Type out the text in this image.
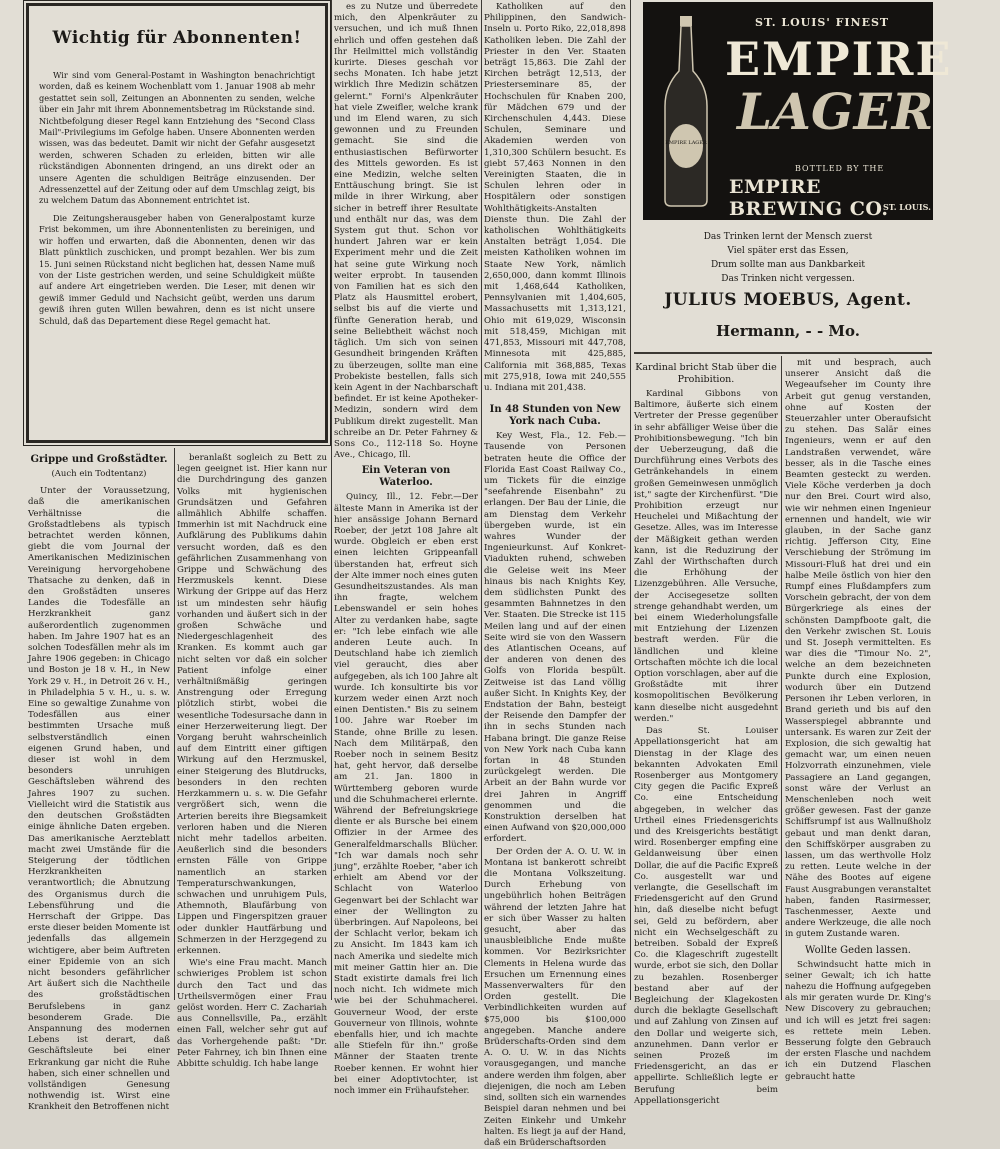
Wichtig für Abonnenten!

Wir sind vom General-Postamt in Washington benachrichtigt worden, daß es keinem Wochenblatt vom 1. Januar 1908 ab mehr gestattet sein soll, Zeitungen an Abonnenten zu senden, welche über ein Jahr mit ihrem Abonnementsbetrag im Rückstande sind. Nichtbefolgung dieser Regel kann Entziehung des "Second Class Mail"-Privilegiums im Gefolge haben. Unsere Abonnenten werden wissen, was das bedeutet. Damit wir nicht der Gefahr ausgesetzt werden, schweren Schaden zu erleiden, bitten wir alle rückständigen Abonnenten dringend, an uns direkt oder an unsere Agenten die schuldigen Beiträge einzusenden. Der Adressenzettel auf der Zeitung oder auf dem Umschlag zeigt, bis zu welchem Datum das Abonnement entrichtet ist.

Die Zeitungsherausgeber haben von Generalpostamt kurze Frist bekommen, um ihre Abonnentenlisten zu bereinigen, und wir hoffen und erwarten, daß die Abonnenten, denen wir das Blatt pünktlich zuschicken, und prompt bezahlen. Wer bis zum 15. Juni seinen Rückstand nicht beglichen hat, dessen Name muß von der Liste gestrichen werden, und seine Schuldigkeit müßte auf andere Art eingetrieben werden. Die Leser, mit denen wir gewiß immer Geduld und Nachsicht geübt, werden uns darum gewiß ihren guten Willen bewahren, denn es ist nicht unsere Schuld, daß das Departement diese Regel gemacht hat.

Grippe und Großstädter.
(Auch ein Todtentanz)

Unter der Voraussetzung, daß die amerikanischen Verhältnisse die Großstadtlebens als typisch betrachtet werden können, giebt die vom Journal der Amerikanischen Medizinischen Vereinigung hervorgehobene Thatsache zu denken, daß in den Großstädten unseres Landes die Todesfälle an Herzkrankheit ganz außerordentlich zugenommen haben. Im Jahre 1907 hat es an solchen Todesfällen mehr als im Jahre 1906 gegeben: in Chicago und Boston je 18 v. H., in New York 29 v. H., in Detroit 26 v. H., in Philadelphia 5 v. H., u. s. w. Eine so gewaltige Zunahme von Todesfällen aus einer bestimmten Ursache muß selbstverständlich einen eigenen Grund haben, und dieser ist wohl in dem besonders unruhigen Geschäftsleben während des Jahres 1907 zu suchen. Vielleicht wird die Statistik aus den deutschen Großstädten einige ähnliche Daten ergeben. Das amerikanische Aerzteblatt macht zwei Umstände für die Steigerung der tödtlichen Herzkrankheiten verantwortlich; die Abnutzung des Organismus durch die Lebensführung und die Herrschaft der Grippe. Das erste dieser beiden Momente ist jedenfalls das allgemein wichtigere, aber beim Auftreten einer Epidemie von an sich nicht besonders gefährlicher Art äußert sich die Nachtheile des großstädtischen Berufslebens in ganz besonderem Grade. Die Anspannung des modernen Lebens ist derart, daß Geschäftsleute bei einer Erkrankung gar nicht die Ruhe haben, sich einer schnellen und vollständigen Genesung nothwendig ist. Wirst eine Krankheit den Betroffenen nicht

beranlaßt sogleich zu Bett zu legen geeignet ist. Hier kann nur die Durchdringung des ganzen Volks mit hygienischen Grundsätzen und Gefahren allmählich Abhilfe schaffen. Immerhin ist mit Nachdruck eine Aufklärung des Publikums dahin versucht worden, daß es den gefährlichen Zusammenhang von Grippe und Schwächung des Herzmuskels kennt. Diese Wirkung der Grippe auf das Herz ist um mindesten sehr häufig vorhanden und äußert sich in der großen Schwäche und Niedergeschlagenheit des Kranken. Es kommt auch gar nicht selten vor daß ein solcher Patient infolge einer verhältnißmäßig geringen Anstrengung oder Erregung plötzlich stirbt, wobei die wesentliche Todesursache dann in einer Herzerweiterung liegt. Der Vorgang beruht wahrscheinlich auf dem Eintritt einer giftigen Wirkung auf den Herzmuskel, einer Steigerung des Blutdrucks, besonders in den rechten Herzkammern u. s. w. Die Gefahr vergrößert sich, wenn die Arterien bereits ihre Biegsamkeit verloren haben und die Nieren nicht mehr tadellos arbeiten. Aeußerlich sind die besonders ernsten Fälle von Grippe namentlich an starken Temperaturschwankungen, schwachen und unruhigem Puls, Athemnoth, Blaufärbung von Lippen und Fingerspitzen grauer oder dunkler Hautfärbung und Schmerzen in der Herzgegend zu erkennen.

Wie's eine Frau macht. Manch schwieriges Problem ist schon durch den Tact und das Urtheilsvermögen einer Frau gelöst worden. Herr C. Zachariah aus Connellsville, Pa., erzählt einen Fall, welcher sehr gut auf das Vorhergehende paßt: "Dr. Peter Fahrney, ich bin Ihnen eine Abbitte schuldig. Ich habe lange

es zu Nutze und überredete mich, den Alpenkräuter zu versuchen, und ich muß Ihnen ehrlich und offen gestehen daß Ihr Heilmittel mich vollständig kurirte. Dieses geschah vor sechs Monaten. Ich habe jetzt wirklich Ihre Medizin schätzen gelernt." Forni's Alpenkräuter hat viele Zweifler, welche krank und im Elend waren, zu sich gewonnen und zu Freunden gemacht. Sie sind die enthusiastischen Befürworter des Mittels geworden. Es ist eine Medizin, welche selten Enttäuschung bringt. Sie ist milde in ihrer Wirkung, aber sicher in betreff ihrer Resultate und enthält nur das, was dem System gut thut. Schon vor hundert Jahren war er kein Experiment mehr und die Zeit hat seine gute Wirkung noch weiter erprobt. In tausenden von Familien hat es sich den Platz als Hausmittel erobert, selbst bis auf die vierte und fünfte Generation herab, und seine Beliebtheit wächst noch täglich. Um sich von seinen Gesundheit bringenden Kräften zu überzeugen, sollte man eine Probekiste bestellen, falls sich kein Agent in der Nachbarschaft befindet. Er ist keine Apotheker-Medizin, sondern wird dem Publikum direkt zugestellt. Man schreibe an Dr. Peter Fahrney & Sons Co., 112-118 So. Hoyne Ave., Chicago, Ill.

Ein Veteran von Waterloo.

Quincy, Ill., 12. Febr.—Der älteste Mann in Amerika ist der hier ansässige Johann Bernard Roeber, der jetzt 108 Jahre alt wurde. Obgleich er eben erst einen leichten Grippeanfall überstanden hat, erfreut sich der Alte immer noch eines guten Gesundheitszustandes. Als man ihn fragte, welchem Lebenswandel er sein hohes Alter zu verdanken habe, sagte er: "Ich lebe einfach wie alle anderen Leute auch. In Deutschland habe ich ziemlich viel geraucht, dies aber aufgegeben, als ich 100 Jahre alt wurde. Ich konsultirte bis vor kurzem weder einen Arzt noch einen Dentisten." Bis zu seinem 100. Jahre war Roeber im Stande, ohne Brille zu lesen. Nach dem Militärpaß, den Roeber noch in seinem Besitz hat, geht hervor, daß derselbe am 21. Jan. 1800 in Württemberg geboren wurde und die Schuhmacherei erlernte. Während der Befreiungskriege diente er als Bursche bei einem Offizier in der Armee des Generalfeldmarschalls Blücher. "Ich war damals noch sehr jung", erzählte Roeber, "aber ich erhielt am Abend vor der Schlacht von Waterloo Gegenwart bei der Schlacht war einer der Wellington zu überbringen. Auf Napoleons, bei der Schlacht verlor, bekam ich zu Ansicht. Im 1843 kam ich nach Amerika und siedelte mich mit meiner Gattin hier an. Die Stadt existirte damals frei lich noch nicht. Ich widmete mich wie bei der Schuhmacherei. Gouverneur Wood, der erste Gouverneur von Illinois, wohnte ebenfalls hier, und ich machte alle Stiefeln für ihn." große Männer der Staaten trente Roeber kennen. Er wohnt hier bei einer Adoptivtochter, ist noch immer ein Frühaufsteher.

Katholiken auf den Philippinen, den Sandwich-Inseln u. Porto Riko, 22,018,898 Katholiken leben. Die Zahl der Priester in den Ver. Staaten beträgt 15,863. Die Zahl der Kirchen beträgt 12,513, der Priesterseminare 85, der Hochschulen für Knaben 200, für Mädchen 679 und der Kirchenschulen 4,443. Diese Schulen, Seminare und Akademien werden von 1,310,300 Schülern besucht. Es giebt 57,463 Nonnen in den Vereinigten Staaten, die in Schulen lehren oder in Hospitälern oder sonstigen Wohlthätigkeits-Anstalten Dienste thun. Die Zahl der katholischen Wohlthätigkeits Anstalten beträgt 1,054. Die meisten Katholiken wohnen im Staate New York, nämlich 2,650,000, dann kommt Illinois mit 1,468,644 Katholiken, Pennsylvanien mit 1,404,605, Massachusetts mit 1,313,121, Ohio mit 619,029, Wisconsin mit 518,459, Michigan mit 471,853, Missouri mit 447,708, Minnesota mit 425,885, California mit 368,885, Texas mit 275,918, Iowa mit 240,555 u. Indiana mit 201,438.

In 48 Stunden von New York nach Cuba.

Key West, Fla., 12. Feb.—Tausende von Personen betraten heute die Office der Florida East Coast Railway Co., um Tickets für die einzige "seefahrende Eisenbahn" zu erlangen. Der Bau der Linie, die am Dienstag dem Verkehr übergeben wurde, ist ein wahres Wunder der Ingenieurkunst. Auf Konkret-Viadukten ruhend, schweben die Geleise weit ins Meer hinaus bis nach Knights Key, dem südlichsten Punkt des gesammten Bahnnetzes in den Ver. Staaten. Die Strecke ist 115 Meilen lang und auf der einen Seite wird sie von den Wassern des Atlantischen Oceans, auf der anderen von denen des Golfs von Florida bespült. Zeitweise ist das Land völlig außer Sicht. In Knights Key, der Endstation der Bahn, besteigt der Reisende den Dampfer der ihn in sechs Stunden nach Habana bringt. Die ganze Reise von New York nach Cuba kann fortan in 48 Stunden zurückgelegt werden. Die Arbeit an der Bahn wurde vor drei Jahren in Angriff genommen und die Konstruktion derselben hat einen Aufwand von $20,000,000 erfordert.

Der Orden der A. O. U. W. in Montana ist bankerott schreibt die Montana Volkszeitung. Durch Erhebung von ungebührlich hohen Beiträgen während der letzten Jahre hat er sich über Wasser zu halten gesucht, aber das unausbleibliche Ende mußte kommen. Vor Bezirksrichter Clements in Helena wurde das Ersuchen um Ernennung eines Massenverwalters für den Orden gestellt. Die Verbindlichkeiten wurden auf $75,000 bis $100,000 angegeben. Manche andere Brüderschafts-Orden sind dem A. O. U. W. in das Nichts vorausgegangen, und manche andere werden ihm folgen, aber diejenigen, die noch am Leben sind, sollten sich ein warnendes Beispiel daran nehmen und bei Zeiten Einkehr und Umkehr halten. Es liegt ja auf der Hand, daß ein Brüderschaftsorden

EMPIRE LAGER
ST. LOUIS' FINEST
EMPIRE
LAGER
BOTTLED BY THE
EMPIRE BREWING CO.
ST. LOUIS.
Das Trinken lernt der Mensch zuerst
Viel später erst das Essen,
Drum sollte man aus Dankbarkeit
Das Trinken nicht vergessen.
JULIUS MOEBUS, Agent.
Hermann, - - Mo.
Kardinal bricht Stab über die Prohibition.

Kardinal Gibbons von Baltimore, äußerte sich einem Vertreter der Presse gegenüber in sehr abfälliger Weise über die Prohibitionsbewegung. "Ich bin der Ueberzeugung, daß die Durchführung eines Verbots des Getränkehandels in einem großen Gemeinwesen unmöglich ist," sagte der Kirchenfürst. "Die Prohibition erzeugt nur Heuchelei und Mißachtung der Gesetze. Alles, was im Interesse der Mäßigkeit gethan werden kann, ist die Reduzirung der Zahl der Wirthschaften durch die Erhöhung der Lizenzgebühren. Alle Versuche, der Accisegesetze sollten strenge gehandhabt werden, um bei einem Wiederholungsfalle mit Entziehung der Lizenzen bestraft werden. Für die ländlichen und kleine Ortschaften möchte ich die local Option vorschlagen, aber auf die Großstädte mit ihrer kosmopolitischen Bevölkerung kann dieselbe nicht ausgedehnt werden."

Das St. Louiser Appellationsgericht hat am Dienstag in der Klage des bekannten Advokaten Emil Rosenberger aus Montgomery City gegen die Pacific Expreß Co. eine Entscheidung abgegeben, in welcher das Urtheil eines Friedensgerichts und des Kreisgerichts bestätigt wird. Rosenberger empfing eine Geldanweisung über einen Dollar, die auf die Pacific Expreß Co. ausgestellt war und verlangte, die Gesellschaft im Friedensgericht auf den Grund hin, daß dieselbe nicht befugt sei, Geld zu befördern, aber nicht ein Wechselgeschäft zu betreiben. Sobald der Expreß Co. die Klageschrift zugestellt wurde, erbot sie sich, den Dollar zu bezahlen. Rosenberger bestand aber auf der Begleichung der Klagekosten durch die beklagte Gesellschaft und auf Zahlung von Zinsen auf den Dollar und weigerte sich, anzunehmen. Dann verlor er seinen Prozeß im Friedensgericht, an das er appellirte. Schließlich legte er Berufung beim Appellationsgericht

mit und besprach, auch unserer Ansicht daß die Wegeaufseher im County ihre Arbeit gut genug verstanden, ohne auf Kosten der Steuerzahler unter Oberaufsicht zu stehen. Das Salär eines Ingenieurs, wenn er auf den Landstraßen verwendet, wäre besser, als in die Tasche eines Beamten gesteckt zu werden. Viele Köche verderben ja doch nur den Brei. Court wird also, wie wir nehmen einen Ingenieur ernennen und handelt, wie wir glauben, in der Sache ganz richtig. Jefferson City, Eine Verschiebung der Strömung im Missouri-Fluß hat drei und ein halbe Meile östlich von hier den Rumpf eines Flußdampfers zum Vorschein gebracht, der von dem Bürgerkriege als eines der schönsten Dampfboote galt, die den Verkehr zwischen St. Louis und St. Joseph vermittelten. Es war dies die "Timour No. 2", welche an dem bezeichneten Punkte durch eine Explosion, wodurch über ein Dutzend Personen ihr Leben verloren, in Brand gerieth und bis auf den Wasserspiegel abbrannte und untersank. Es waren zur Zeit der Explosion, die sich gewaltig hat gemacht war, um einen neuen Holzvorrath einzunehmen, viele Passagiere an Land gegangen, sonst wäre der Verlust an Menschenleben noch weit größer gewesen. Fast der ganze Schiffsrumpf ist aus Wallnußholz gebaut und man denkt daran, den Schiffskörper ausgraben zu lassen, um das werthvolle Holz zu retten. Leute welche in der Nähe des Bootes auf eigene Faust Ausgrabungen veranstaltet haben, fanden Rasirmesser, Taschenmesser, Aexte und andere Werkzeuge, die alle noch in gutem Zustande waren.

Wollte Geden lassen.

Schwindsucht hatte mich in seiner Gewalt; ich ich hatte nahezu die Hoffnung aufgegeben als mir geraten wurde Dr. King's New Discovery zu gebrauchen; und ich will es jetzt frei sagen: es rettete mein Leben. Besserung folgte den Gebrauch der ersten Flasche und nachdem ich ein Dutzend Flaschen gebraucht hatte
